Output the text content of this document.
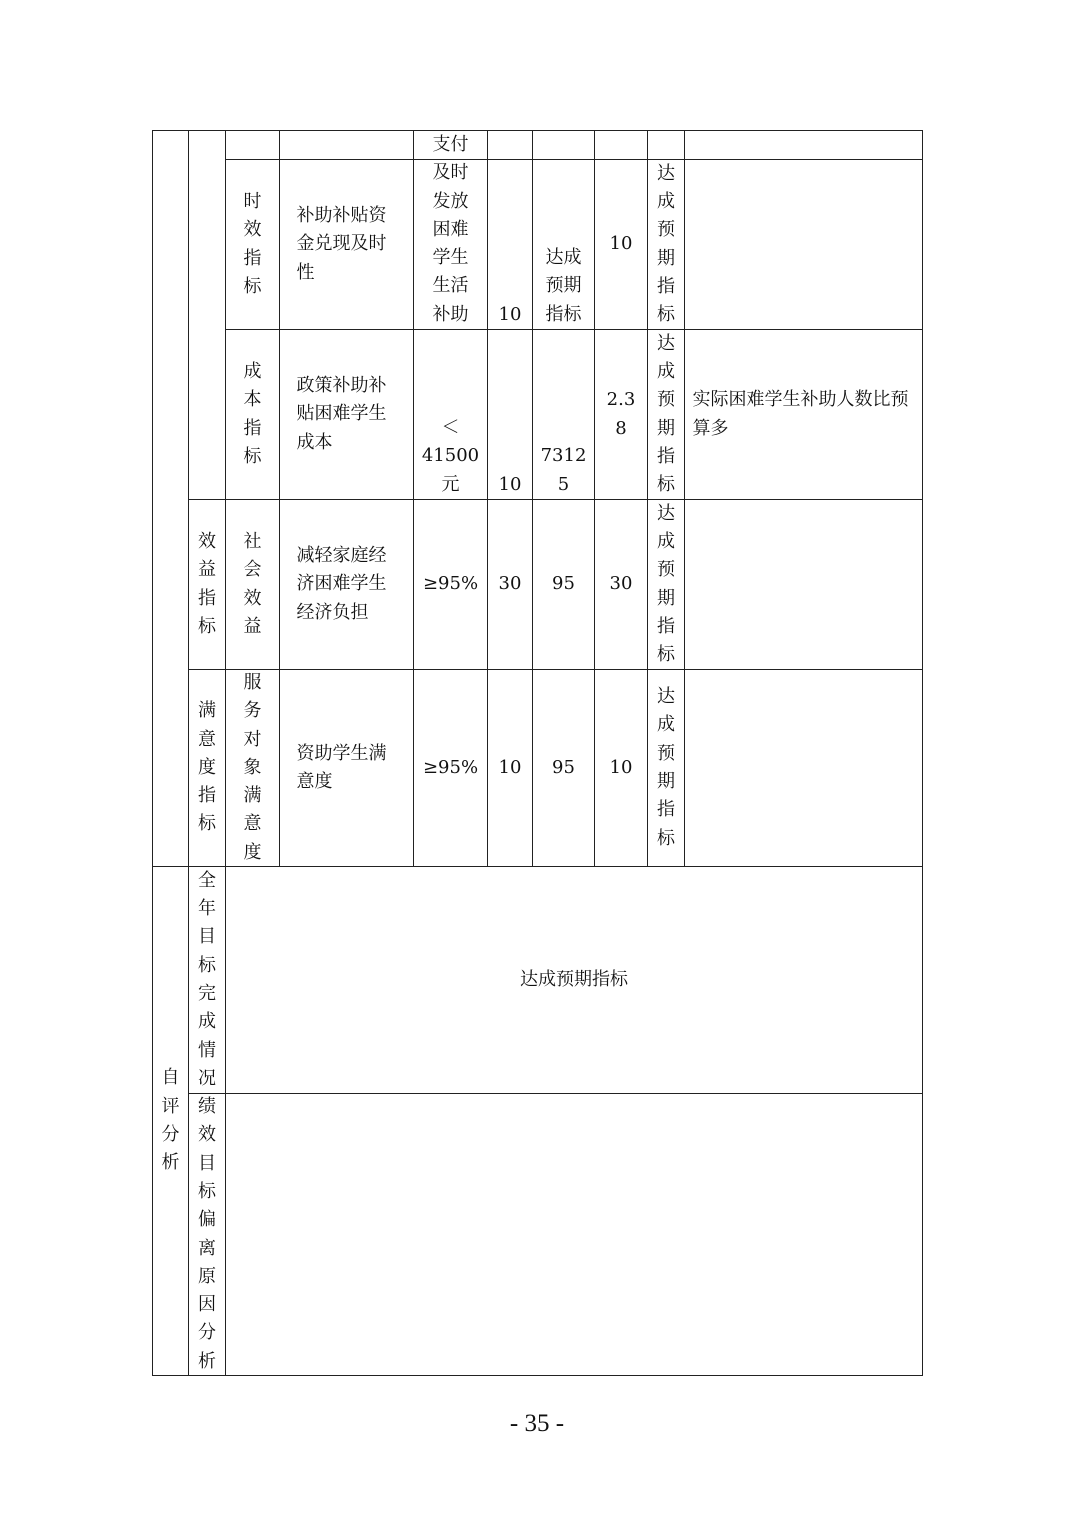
自评分析
效益指标
满意度指标
全年目标完成情况
绩效目标偏离原因分析
达成预期指标
支付
时效指标
补助补贴资金兑现及时性
及时发放困难学生生活补助 10
达成预期指标
10
达成预期指标
成本指标
政策补助补贴困难学生成本
＜
41500
元	10
7312
5
2.3
8
达成预期指标
实际困难学生补助人数比预算多
社会效益
减轻家庭经济困难学生经济负担
≥95% 30 95 30
达成预期指标
服务对象满意度
资助学生满意度
≥95% 10 95 10
达成预期指标
- 35 -
